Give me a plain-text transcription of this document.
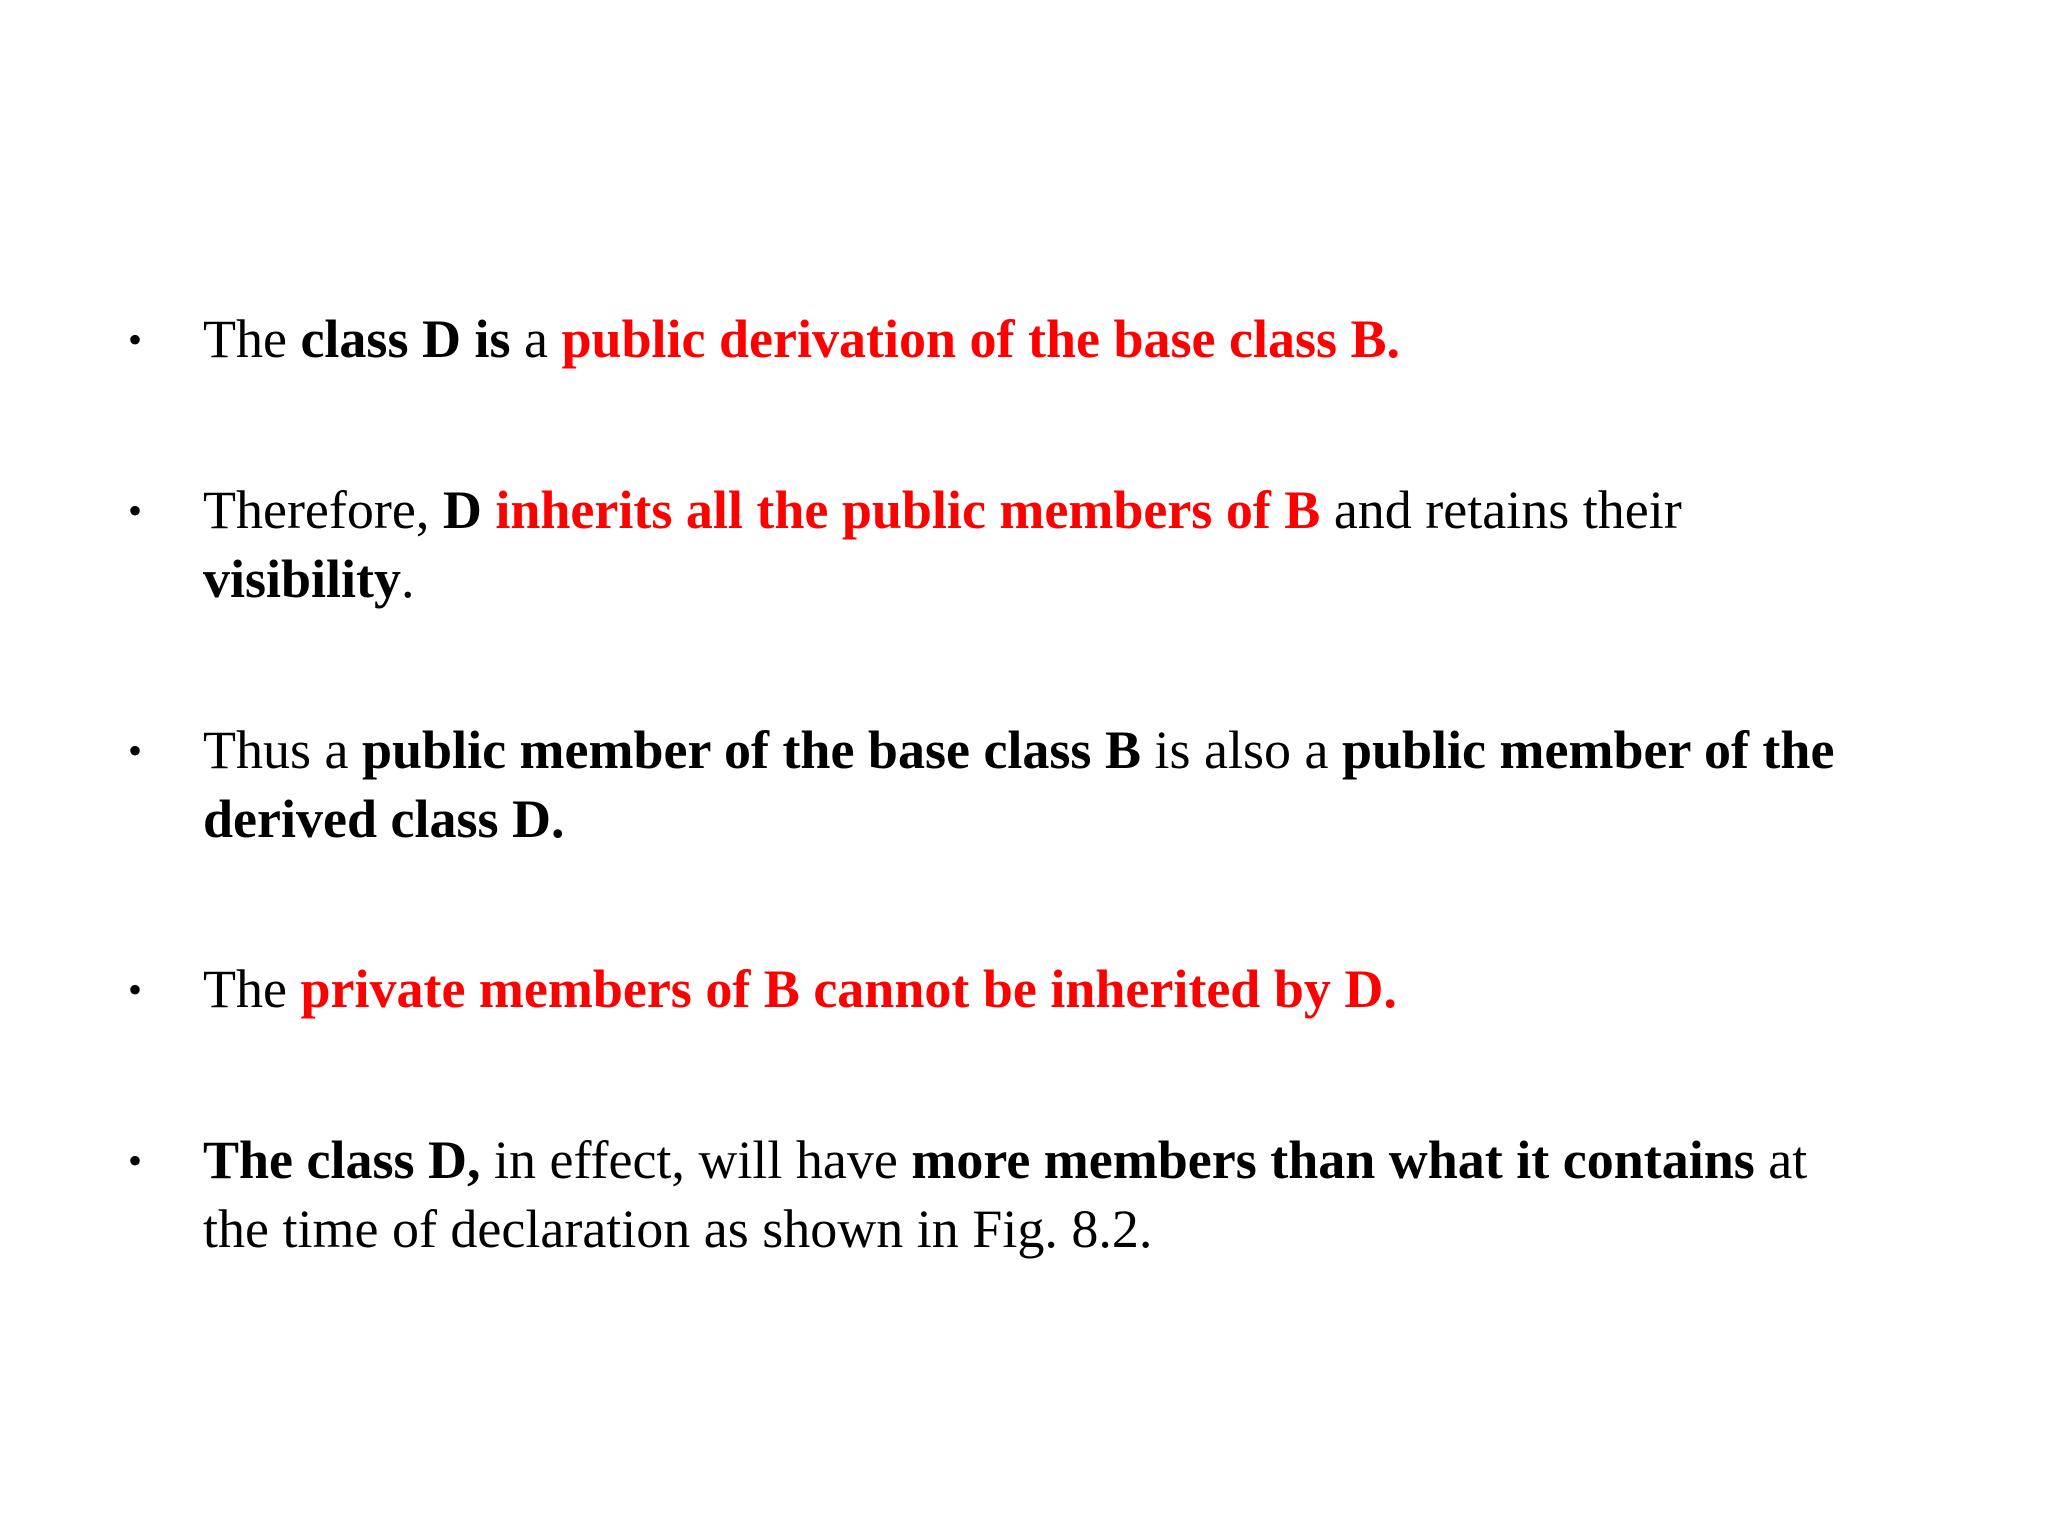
• The class D is a public derivation of the base class B.
• Therefore, D inherits all the public members of B and retains their visibility.
• Thus a public member of the base class B is also a public member of the derived class D.
• The private members of B cannot be inherited by D.
• The class D, in effect, will have more members than what it contains at the time of declaration as shown in Fig. 8.2.
